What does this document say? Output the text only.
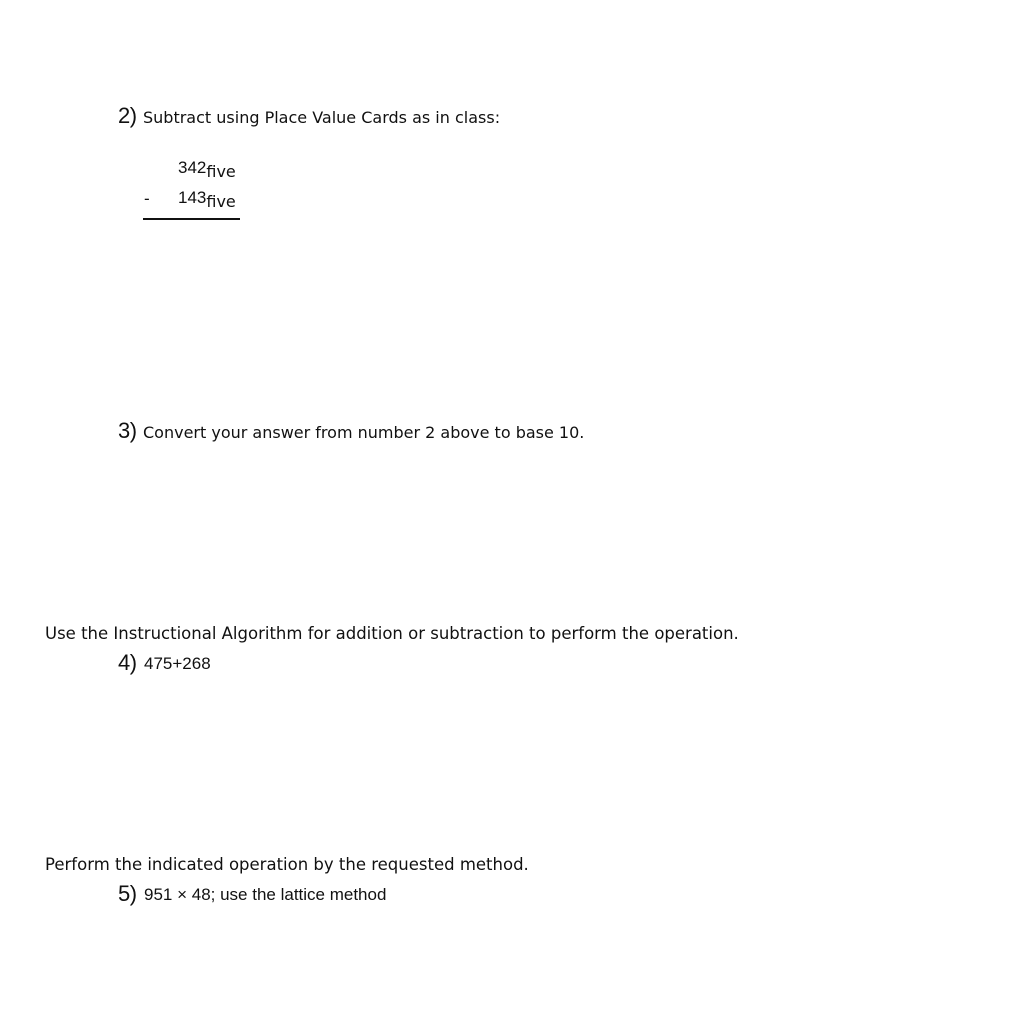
2) Subtract using Place Value Cards as in class:
342five
- 143five
3) Convert your answer from number 2 above to base 10.
Use the Instructional Algorithm for addition or subtraction to perform the operation.
4) 475+268
Perform the indicated operation by the requested method.
5) 951 × 48; use the lattice method
